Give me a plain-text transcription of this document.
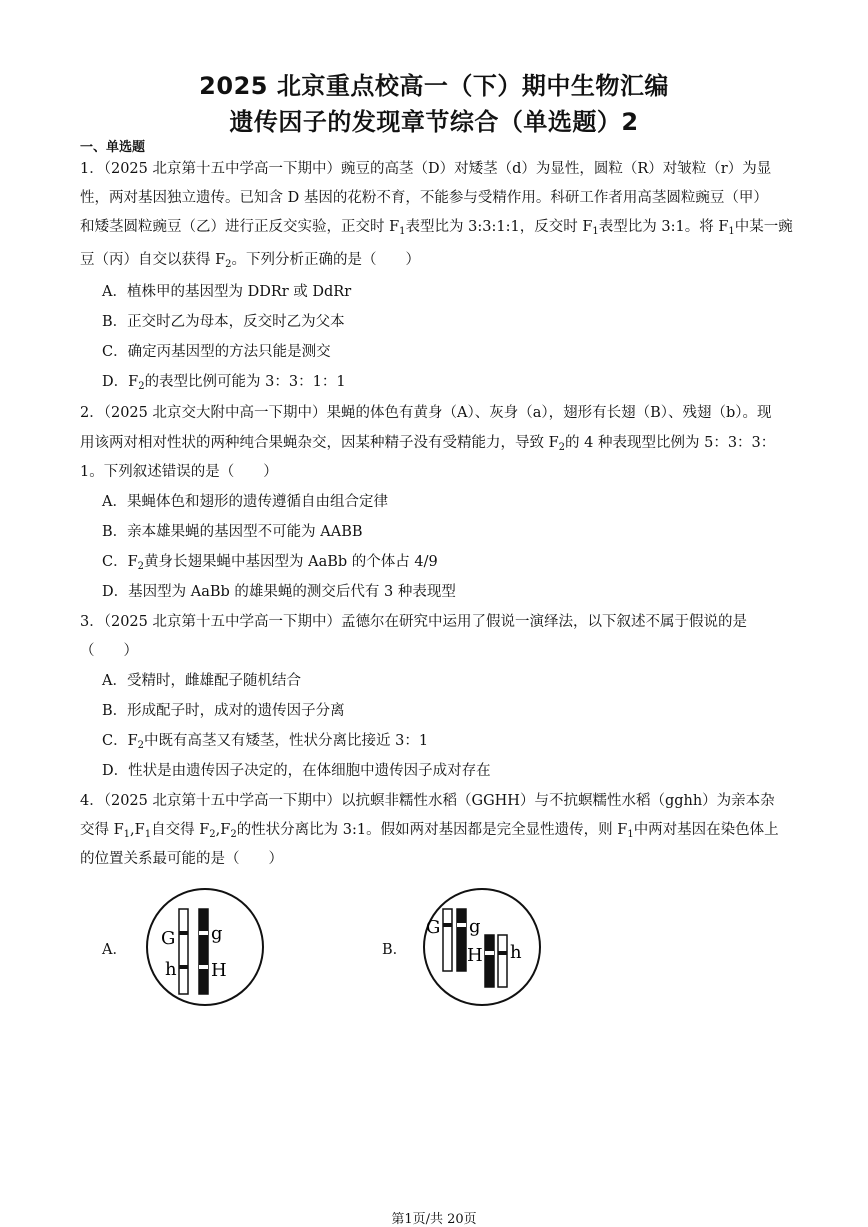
2025 北京重点校高一（下）期中生物汇编
遗传因子的发现章节综合（单选题）2
一、单选题
1．（2025 北京第十五中学高一下期中）豌豆的高茎（D）对矮茎（d）为显性，圆粒（R）对皱粒（r）为显
性，两对基因独立遗传。已知含 D 基因的花粉不育，不能参与受精作用。科研工作者用高茎圆粒豌豆（甲）
和矮茎圆粒豌豆（乙）进行正反交实验，正交时 $F_1$表型比为 3:3:1:1，反交时 $F_1$表型比为 3:1。将 $F_1$中某一豌
豆（丙）自交以获得 $F_2$。下列分析正确的是（　　）
A．植株甲的基因型为 DDRr 或 DdRr
B．正交时乙为母本，反交时乙为父本
C．确定丙基因型的方法只能是测交
D．$F_2$的表型比例可能为 3：3：1：1
2．（2025 北京交大附中高一下期中）果蝇的体色有黄身（A）、灰身（a），翅形有长翅（B）、残翅（b）。现
用该两对相对性状的两种纯合果蝇杂交，因某种精子没有受精能力，导致 $F_2$的 4 种表现型比例为 5：3：3：
1。下列叙述错误的是（　　）
A．果蝇体色和翅形的遗传遵循自由组合定律
B．亲本雄果蝇的基因型不可能为 AABB
C．$F_2$黄身长翅果蝇中基因型为 AaBb 的个体占 4/9
D．基因型为 AaBb 的雄果蝇的测交后代有 3 种表现型
3．（2025 北京第十五中学高一下期中）孟德尔在研究中运用了假说一演绎法，以下叙述不属于假说的是
（　　）
A．受精时，雌雄配子随机结合
B．形成配子时，成对的遗传因子分离
C．$F_2$中既有高茎又有矮茎，性状分离比接近 3：1
D．性状是由遗传因子决定的，在体细胞中遗传因子成对存在
4．（2025 北京第十五中学高一下期中）以抗螟非糯性水稻（GGHH）与不抗螟糯性水稻（gghh）为亲本杂
交得 $F_1,F_1$自交得 $F_2,F_2$的性状分离比为 3:1。假如两对基因都是完全显性遗传，则 $F_1$中两对基因在染色体上
的位置关系最可能的是（　　）
A．
G
h
g
H
B．
G g
H h
第1页/共 20页
